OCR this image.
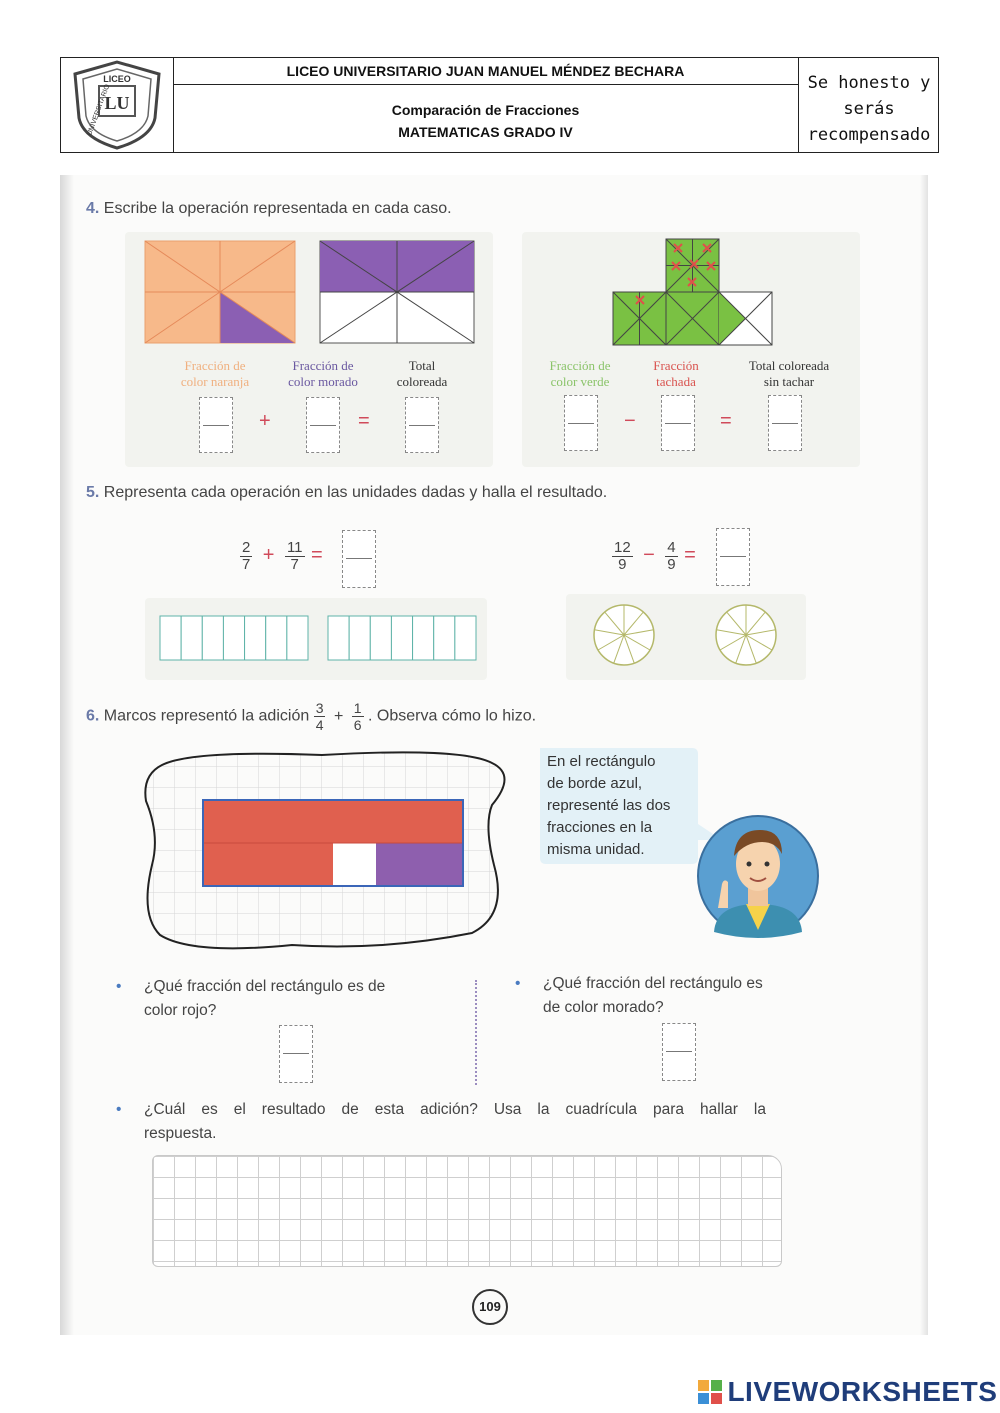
LU
LICEO
UNIVERSITARIO
LICEO UNIVERSITARIO JUAN MANUEL MÉNDEZ BECHARA
Comparación de Fracciones
MATEMATICAS GRADO IV
Se honesto y
serás
recompensado
4. Escribe la operación representada en cada caso.
Fracción de
color naranja
Fracción de
color morado
Total
coloreada
+	=
Fracción de
color verde
Fracción
tachada
Total coloreada
sin tachar
−	=
5. Representa cada operación en las unidades dadas y halla el resultado.
$\frac{2}{7} + \frac{11}{7}$ =	$\frac{12}{9} - \frac{4}{9}$ =
6. Marcos representó la adición $\frac{3}{4} + \frac{1}{6}$ . Observa cómo lo hizo.
En el rectángulo
de borde azul,
representé las dos
fracciones en la
misma unidad.
• ¿Qué fracción del rectángulo es de
color rojo?
• ¿Qué fracción del rectángulo es
de color morado?
• ¿Cuál es el resultado de esta adición? Usa la cuadrícula para hallar la
respuesta.
109
LIVEWORKSHEETS
